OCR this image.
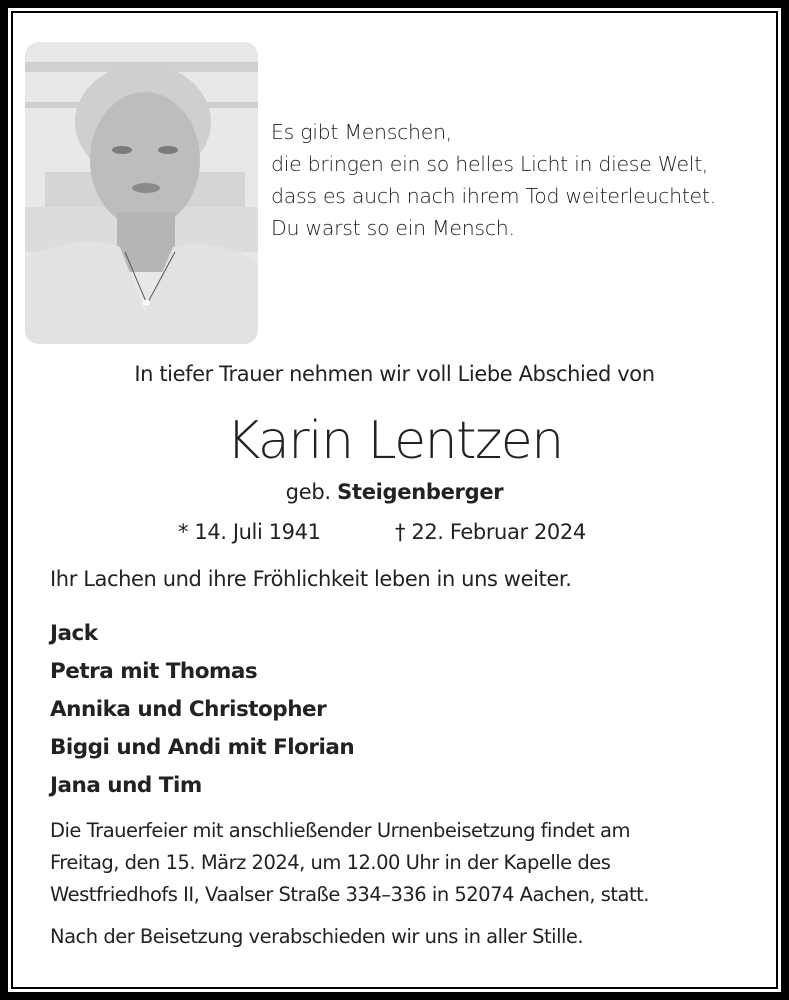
Es gibt Menschen,
die bringen ein so helles Licht in diese Welt,
dass es auch nach ihrem Tod weiterleuchtet.
Du warst so ein Mensch.
In tiefer Trauer nehmen wir voll Liebe Abschied von
Karin Lentzen
geb. Steigenberger
* 14. Juli 1941	† 22. Februar 2024
Ihr Lachen und ihre Fröhlichkeit leben in uns weiter.
Jack
Petra mit Thomas
Annika und Christopher
Biggi und Andi mit Florian
Jana und Tim
Die Trauerfeier mit anschließender Urnenbeisetzung findet am
Freitag, den 15. März 2024, um 12.00 Uhr in der Kapelle des
Westfriedhofs II, Vaalser Straße 334–336 in 52074 Aachen, statt.
Nach der Beisetzung verabschieden wir uns in aller Stille.
